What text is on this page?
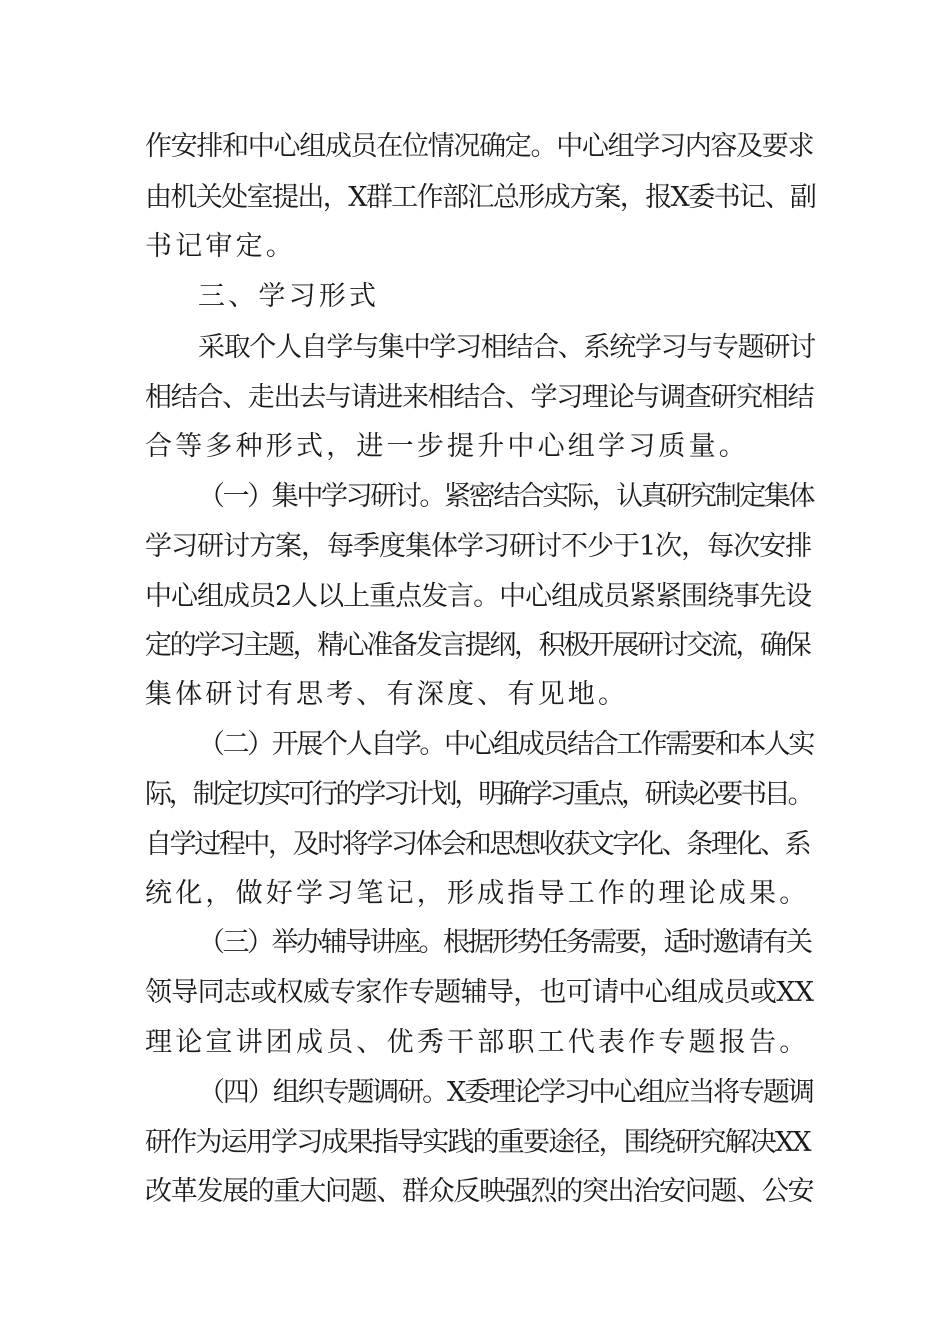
作安排和中心组成员在位情况确定。中心组学习内容及要求
由机关处室提出，X群工作部汇总形成方案，报X委书记、副
书记审定。
三、学习形式
采取个人自学与集中学习相结合、系统学习与专题研讨
相结合、走出去与请进来相结合、学习理论与调查研究相结
合等多种形式，进一步提升中心组学习质量。
（一）集中学习研讨。紧密结合实际，认真研究制定集体
学习研讨方案，每季度集体学习研讨不少于1次，每次安排
中心组成员2人以上重点发言。中心组成员紧紧围绕事先设
定的学习主题，精心准备发言提纲，积极开展研讨交流，确保
集体研讨有思考、有深度、有见地。
（二）开展个人自学。中心组成员结合工作需要和本人实
际，制定切实可行的学习计划，明确学习重点，研读必要书目。
自学过程中，及时将学习体会和思想收获文字化、条理化、系
统化，做好学习笔记，形成指导工作的理论成果。
（三）举办辅导讲座。根据形势任务需要，适时邀请有关
领导同志或权威专家作专题辅导，也可请中心组成员或XX
理论宣讲团成员、优秀干部职工代表作专题报告。
（四）组织专题调研。X委理论学习中心组应当将专题调
研作为运用学习成果指导实践的重要途径，围绕研究解决XX
改革发展的重大问题、群众反映强烈的突出治安问题、公安
